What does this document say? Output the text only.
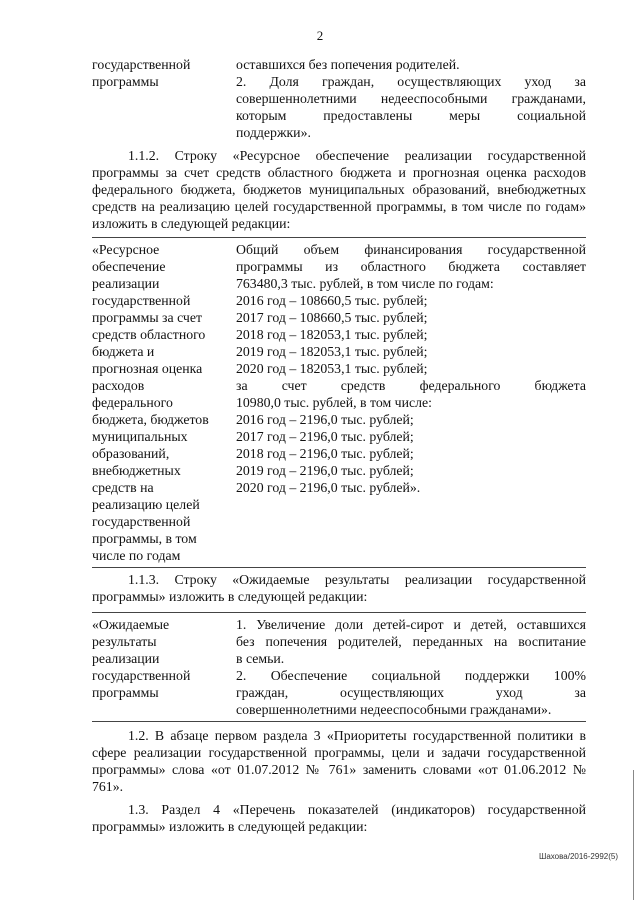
2
государственной
программы
оставшихся без попечения родителей.
2. Доля граждан, осуществляющих уход за
совершеннолетними недееспособными гражданами,
которым предоставлены меры социальной
поддержки».
1.1.2. Строку «Ресурсное обеспечение реализации государственной программы за счет средств областного бюджета и прогнозная оценка расходов федерального бюджета, бюджетов муниципальных образований, внебюджетных средств на реализацию целей государственной программы, в том числе по годам» изложить в следующей редакции:
«Ресурсное
обеспечение
реализации
государственной
программы за счет
средств областного
бюджета и
прогнозная оценка
расходов
федерального
бюджета, бюджетов
муниципальных
образований,
внебюджетных
средств на
реализацию целей
государственной
программы, в том
числе по годам
Общий объем финансирования государственной
программы из областного бюджета составляет
763480,3 тыс. рублей, в том числе по годам:
2016 год – 108660,5 тыс. рублей;
2017 год – 108660,5 тыс. рублей;
2018 год – 182053,1 тыс. рублей;
2019 год – 182053,1 тыс. рублей;
2020 год – 182053,1 тыс. рублей;
за счет средств федерального бюджета
10980,0 тыс. рублей, в том числе:
2016 год – 2196,0 тыс. рублей;
2017 год – 2196,0 тыс. рублей;
2018 год – 2196,0 тыс. рублей;
2019 год – 2196,0 тыс. рублей;
2020 год – 2196,0 тыс. рублей».
1.1.3. Строку «Ожидаемые результаты реализации государственной программы» изложить в следующей редакции:
«Ожидаемые
результаты
реализации
государственной
программы
1. Увеличение доли детей-сирот и детей, оставшихся
без попечения родителей, переданных на воспитание
в семьи.
2. Обеспечение социальной поддержки 100%
граждан, осуществляющих уход за
совершеннолетними недееспособными гражданами».
1.2. В абзаце первом раздела 3 «Приоритеты государственной политики в сфере реализации государственной программы, цели и задачи государственной программы» слова «от 01.07.2012 № 761» заменить словами «от 01.06.2012 № 761».
1.3. Раздел 4 «Перечень показателей (индикаторов) государственной программы» изложить в следующей редакции:
Шахова/2016-2992(5)
